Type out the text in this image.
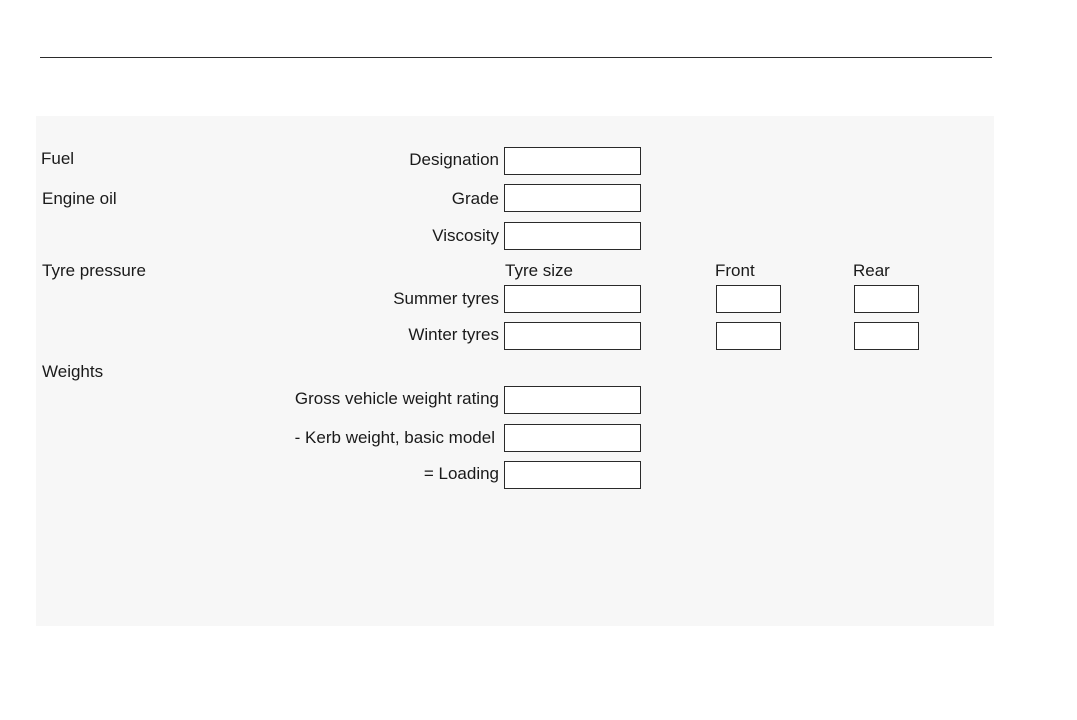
Fuel
Engine oil
Tyre pressure
Weights
Designation
Grade
Viscosity
Tyre size	Front	Rear
Summer tyres
Winter tyres
Gross vehicle weight rating
- Kerb weight, basic model
= Loading
